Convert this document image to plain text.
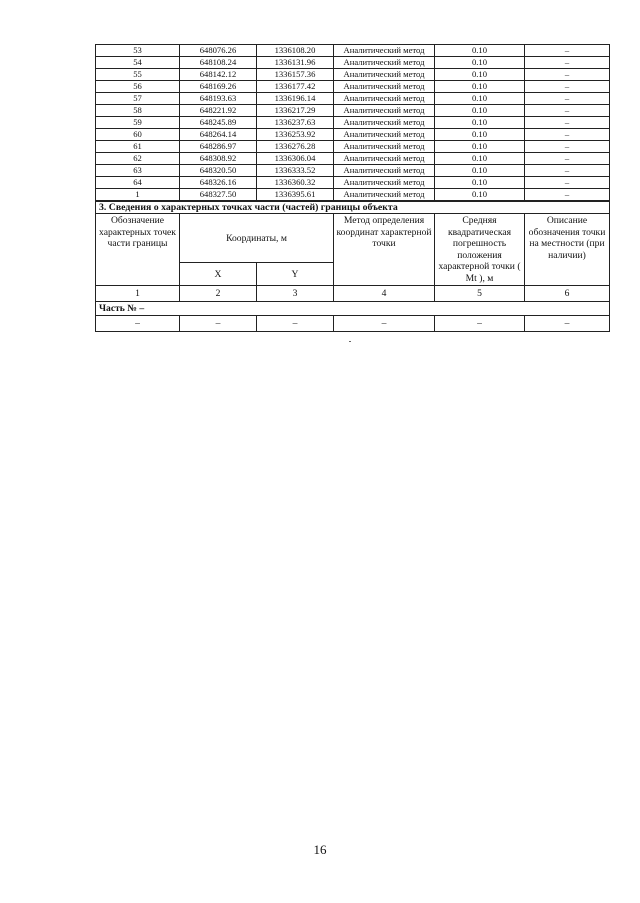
53	648076.26	1336108.20	Аналитический метод	0.10	–
54	648108.24	1336131.96	Аналитический метод	0.10	–
55	648142.12	1336157.36	Аналитический метод	0.10	–
56	648169.26	1336177.42	Аналитический метод	0.10	–
57	648193.63	1336196.14	Аналитический метод	0.10	–
58	648221.92	1336217.29	Аналитический метод	0.10	–
59	648245.89	1336237.63	Аналитический метод	0.10	–
60	648264.14	1336253.92	Аналитический метод	0.10	–
61	648286.97	1336276.28	Аналитический метод	0.10	–
62	648308.92	1336306.04	Аналитический метод	0.10	–
63	648320.50	1336333.52	Аналитический метод	0.10	–
64	648326.16	1336360.32	Аналитический метод	0.10	–
1	648327.50	1336395.61	Аналитический метод	0.10	–
3. Сведения о характерных точках части (частей) границы объекта					
Обозначение характерных точек части границы	Координаты, м		Метод определения координат характерной точки	Средняя квадратическая погрешность положения характерной точки ( Mt ), м	Описание обозначения точки на местности (при наличии)
	X	Y			
1	2	3	4	5	6
Часть № –					
–	–	–	–	–	–
16
